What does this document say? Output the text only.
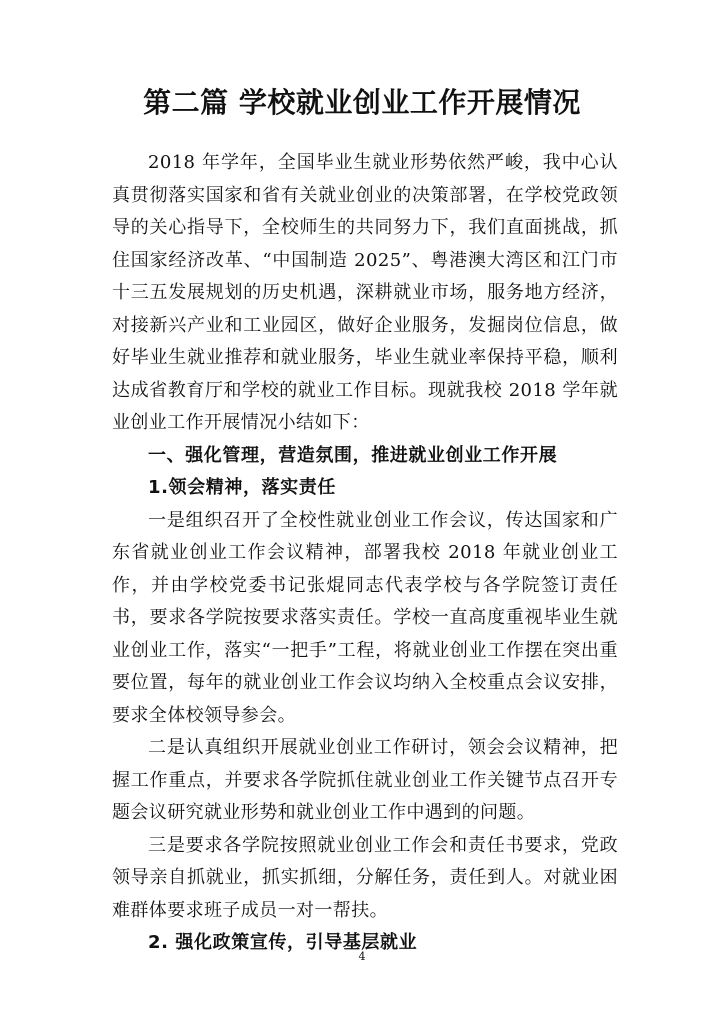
第二篇 学校就业创业工作开展情况

2018 年学年，全国毕业生就业形势依然严峻，我中心认真贯彻落实国家和省有关就业创业的决策部署，在学校党政领导的关心指导下，全校师生的共同努力下，我们直面挑战，抓住国家经济改革、“中国制造 2025”、粤港澳大湾区和江门市十三五发展规划的历史机遇，深耕就业市场，服务地方经济，对接新兴产业和工业园区，做好企业服务，发掘岗位信息，做好毕业生就业推荐和就业服务，毕业生就业率保持平稳，顺利达成省教育厅和学校的就业工作目标。现就我校 2018 学年就业创业工作开展情况小结如下：

一、强化管理，营造氛围，推进就业创业工作开展

1.领会精神，落实责任

一是组织召开了全校性就业创业工作会议，传达国家和广东省就业创业工作会议精神，部署我校 2018 年就业创业工作，并由学校党委书记张焜同志代表学校与各学院签订责任书，要求各学院按要求落实责任。学校一直高度重视毕业生就业创业工作，落实“一把手”工程，将就业创业工作摆在突出重要位置，每年的就业创业工作会议均纳入全校重点会议安排，要求全体校领导参会。

二是认真组织开展就业创业工作研讨，领会会议精神，把握工作重点，并要求各学院抓住就业创业工作关键节点召开专题会议研究就业形势和就业创业工作中遇到的问题。

三是要求各学院按照就业创业工作会和责任书要求，党政领导亲自抓就业，抓实抓细，分解任务，责任到人。对就业困难群体要求班子成员一对一帮扶。

2. 强化政策宣传，引导基层就业

4
